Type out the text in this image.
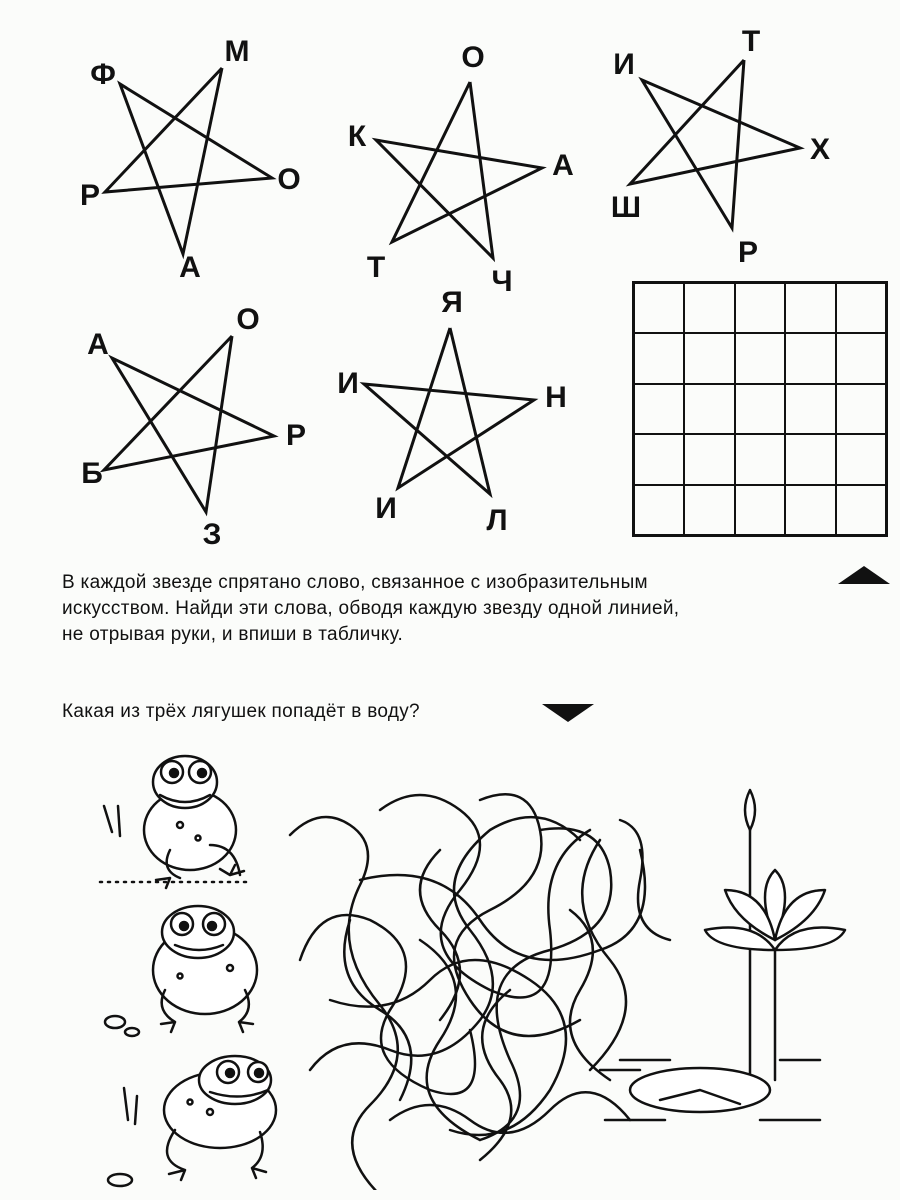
М
О
Ф
А
Р
О
Ч
К
А
Т
Т
Р
И
Х
Ш
О
З
А
Р
Б
Я
Л
И	Н
И
В каждой звезде спрятано слово, связанное с изобразительным
искусством. Найди эти слова, обводя каждую звезду одной линией,
не отрывая руки, и впиши в табличку.
Какая из трёх лягушек попадёт в воду?
